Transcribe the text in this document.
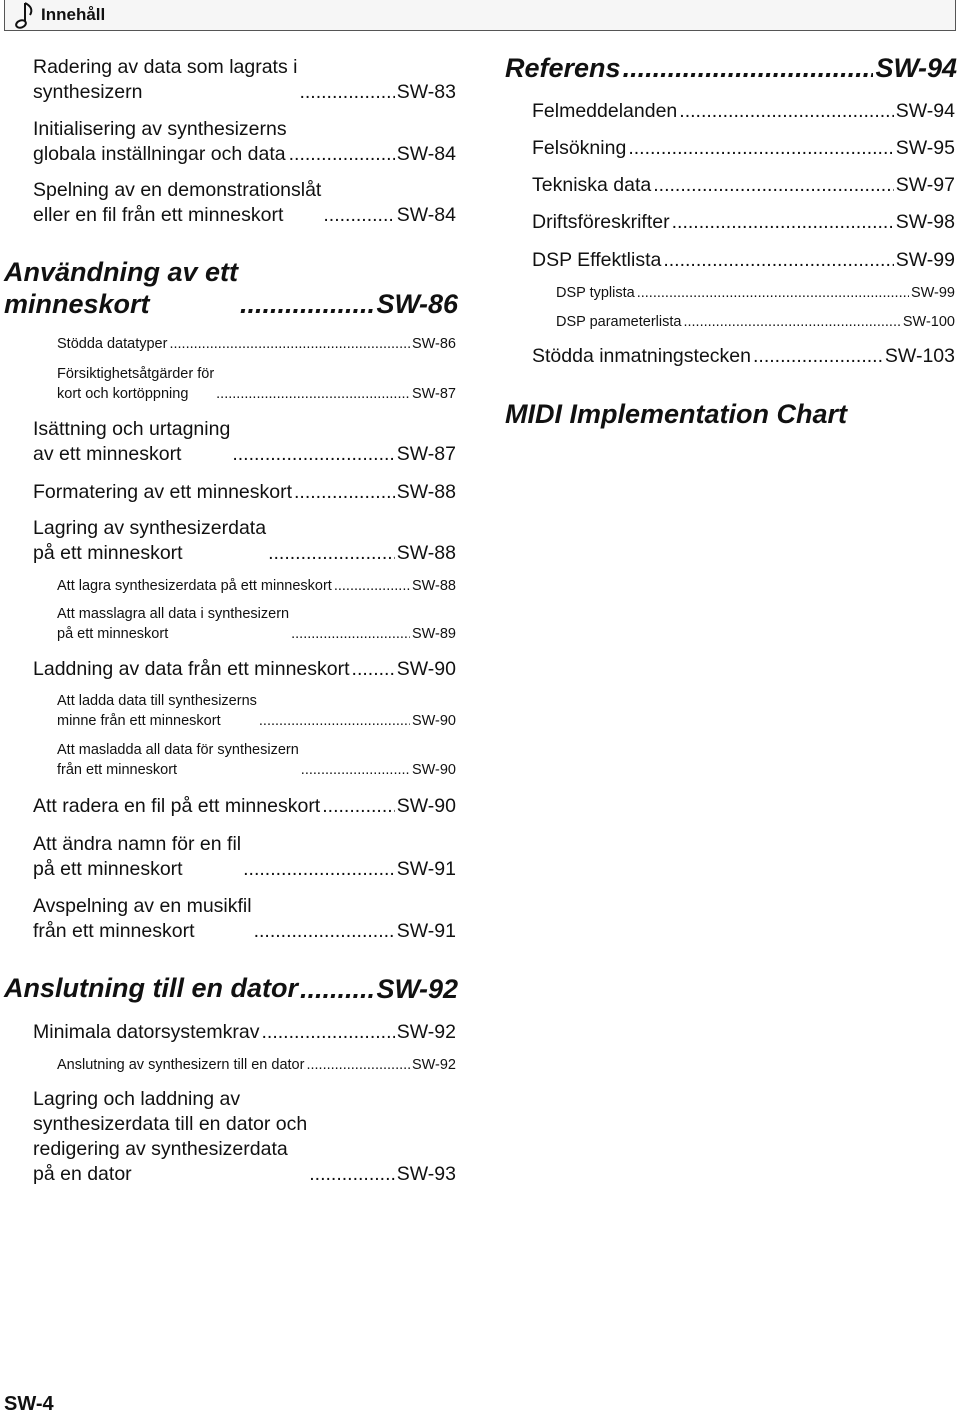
Innehåll
Radering av data som lagrats i
synthesizern .....	SW-83
Initialisering av synthesizerns
globala inställningar och data .....	SW-84
Spelning av en demonstrationslåt
eller en fil från ett minneskort .....	SW-84
Användning av ett
minneskort .....	SW-86
Stödda datatyper .....	SW-86
Försiktighetsåtgärder för
kort och kortöppning .....	SW-87
Isättning och urtagning
av ett minneskort .....	SW-87
Formatering av ett minneskort .....	SW-88
Lagring av synthesizerdata
på ett minneskort .....	SW-88
Att lagra synthesizerdata på ett minneskort .....	SW-88
Att masslagra all data i synthesizern
på ett minneskort .....	SW-89
Laddning av data från ett minneskort ..... SW-90
Att ladda data till synthesizerns
minne från ett minneskort .....	SW-90
Att masladda all data för synthesizern
från ett minneskort .....	SW-90
Att radera en fil på ett minneskort .....	SW-90
Att ändra namn för en fil
på ett minneskort .....	SW-91
Avspelning av en musikfil
från ett minneskort .....	SW-91
Anslutning till en dator .....	SW-92
Minimala datorsystemkrav .....	SW-92
Anslutning av synthesizern till en dator .....	SW-92
Lagring och laddning av
synthesizerdata till en dator och
redigering av synthesizerdata
på en dator .....	SW-93
Referens .....	SW-94
Felmeddelanden .....	SW-94
Felsökning .....	SW-95
Tekniska data .....	SW-97
Driftsföreskrifter .....	SW-98
DSP Effektlista .....	SW-99
DSP typlista .....	SW-99
DSP parameterlista .....	SW-100
Stödda inmatningstecken .....	SW-103
MIDI Implementation Chart
SW-4
